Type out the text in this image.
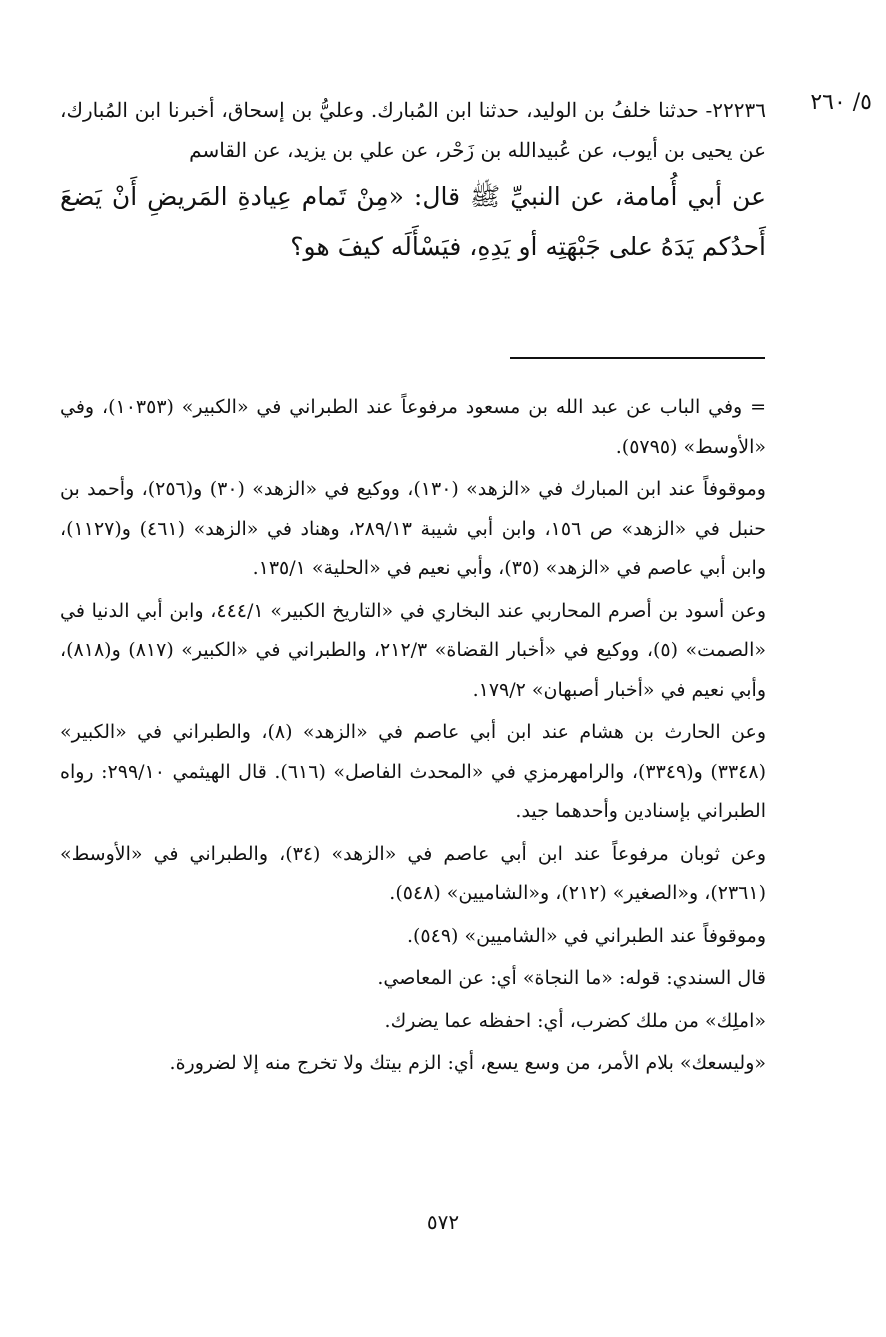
٥/ ٢٦٠

٢٢٢٣٦- حدثنا خلفُ بن الوليد، حدثنا ابن المُبارك. وعليُّ بن إسحاق، أخبرنا ابن المُبارك، عن يحيى بن أيوب، عن عُبيدالله بن زَحْر، عن علي بن يزيد، عن القاسم

عن أبي أُمامة، عن النبيِّ ﷺ قال: «مِنْ تَمام عِيادةِ المَريضِ أَنْ يَضعَ أَحدُكم يَدَهُ على جَبْهَتِه أو يَدِهِ، فيَسْأَلَه كيفَ هو؟

= وفي الباب عن عبد الله بن مسعود مرفوعاً عند الطبراني في «الكبير» (١٠٣٥٣)، وفي «الأوسط» (٥٧٩٥).

وموقوفاً عند ابن المبارك في «الزهد» (١٣٠)، ووكيع في «الزهد» (٣٠) و(٢٥٦)، وأحمد بن حنبل في «الزهد» ص ١٥٦، وابن أبي شيبة ٢٨٩/١٣، وهناد في «الزهد» (٤٦١) و(١١٢٧)، وابن أبي عاصم في «الزهد» (٣٥)، وأبي نعيم في «الحلية» ١٣٥/١.

وعن أسود بن أصرم المحاربي عند البخاري في «التاريخ الكبير» ٤٤٤/١، وابن أبي الدنيا في «الصمت» (٥)، ووكيع في «أخبار القضاة» ٢١٢/٣، والطبراني في «الكبير» (٨١٧) و(٨١٨)، وأبي نعيم في «أخبار أصبهان» ١٧٩/٢.

وعن الحارث بن هشام عند ابن أبي عاصم في «الزهد» (٨)، والطبراني في «الكبير» (٣٣٤٨) و(٣٣٤٩)، والرامهرمزي في «المحدث الفاصل» (٦١٦). قال الهيثمي ٢٩٩/١٠: رواه الطبراني بإسنادين وأحدهما جيد.

وعن ثوبان مرفوعاً عند ابن أبي عاصم في «الزهد» (٣٤)، والطبراني في «الأوسط» (٢٣٦١)، و«الصغير» (٢١٢)، و«الشاميين» (٥٤٨).

وموقوفاً عند الطبراني في «الشاميين» (٥٤٩).

قال السندي: قوله: «ما النجاة» أي: عن المعاصي.

«املِك» من ملك كضرب، أي: احفظه عما يضرك.

«وليسعك» بلام الأمر، من وسع يسع، أي: الزم بيتك ولا تخرج منه إلا لضرورة.

٥٧٢
